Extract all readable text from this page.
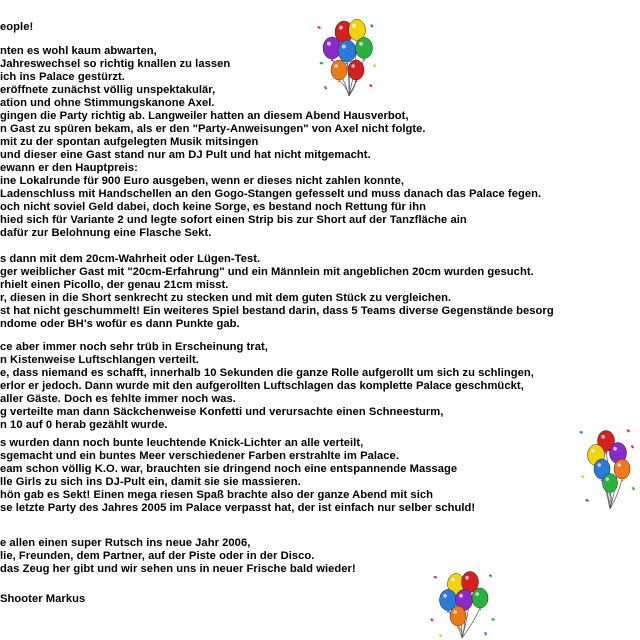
eople!
nten es wohl kaum abwarten,
Jahreswechsel so richtig knallen zu lassen
ich ins Palace gestürzt.
eröffnete zunächst völlig unspektakulär,
ation und ohne Stimmungskanone Axel.
gingen die Party richtig ab. Langweiler hatten an diesem Abend Hausverbot,
n Gast zu spüren bekam, als er den "Party-Anweisungen" von Axel nicht folgte.
mit zu der spontan aufgelegten Musik mitsingen
und dieser eine Gast stand nur am DJ Pult und hat nicht mitgemacht.
ewann er den Hauptpreis:
ine Lokalrunde für 900 Euro ausgeben, wenn er dieses nicht zahlen konnte,
Ladenschluss mit Handschellen an den Gogo-Stangen gefesselt und muss danach das Palace fegen.
och nicht soviel Geld dabei, doch keine Sorge, es bestand noch Rettung für ihn
hied sich für Variante 2 und legte sofort einen Strip bis zur Short auf der Tanzfläche ain
dafür zur Belohnung eine Flasche Sekt.
s dann mit dem 20cm-Wahrheit oder Lügen-Test.
ger weiblicher Gast mit "20cm-Erfahrung" und ein Männlein mit angeblichen 20cm wurden gesucht.
rhielt einen Picollo, der genau 21cm misst.
r, diesen in die Short senkrecht zu stecken und mit dem guten Stück zu vergleichen.
st hat nicht geschummelt! Ein weiteres Spiel bestand darin, dass 5 Teams diverse Gegenstände besorg
ndome oder BH's wofür es dann Punkte gab.
ce aber immer noch sehr trüb in Erscheinung trat,
n Kistenweise Luftschlangen verteilt.
e, dass niemand es schafft, innerhalb 10 Sekunden die ganze Rolle aufgerollt um sich zu schlingen,
erlor er jedoch. Dann wurde mit den aufgerollten Luftschlagen das komplette Palace geschmückt,
aller Gäste. Doch es fehlte immer noch was.
g verteilte man dann Säckchenweise Konfetti und verursachte einen Schneesturm,
n 10 auf 0 herab gezählt wurde.
s wurden dann noch bunte leuchtende Knick-Lichter an alle verteilt,
sgemacht und ein buntes Meer verschiedener Farben erstrahlte im Palace.
eam schon völlig K.O. war, brauchten sie dringend noch eine entspannende Massage
lle Girls zu sich ins DJ-Pult ein, damit sie sie massieren.
hön gab es Sekt! Einen mega riesen Spaß brachte also der ganze Abend mit sich
se letzte Party des Jahres 2005 im Palace verpasst hat, der ist einfach nur selber schuld!
e allen einen super Rutsch ins neue Jahr 2006,
lie, Freunden, dem Partner, auf der Piste oder in der Disco.
das Zeug her gibt und wir sehen uns in neuer Frische bald wieder!
Shooter Markus
